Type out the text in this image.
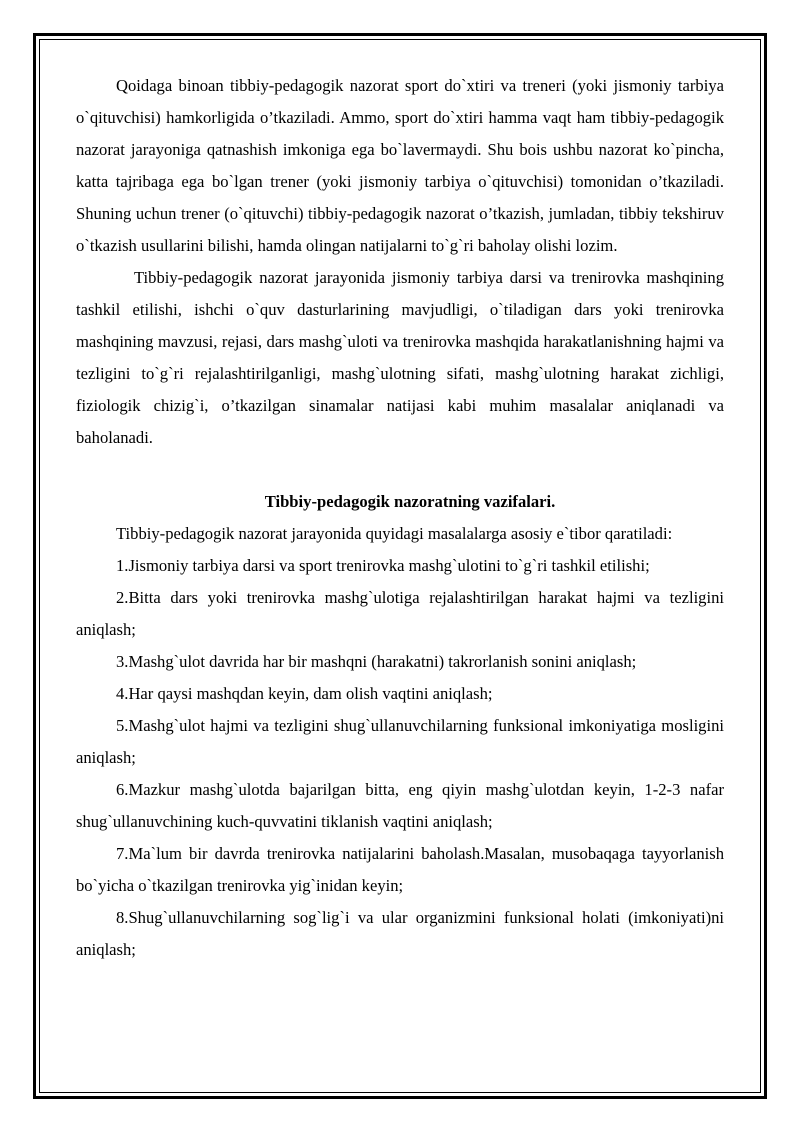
Qoidaga binoan tibbiy-pedagogik nazorat sport do`xtiri va treneri (yoki jismoniy tarbiya o`qituvchisi) hamkorligida o’tkaziladi. Ammo, sport do`xtiri hamma vaqt ham tibbiy-pedagogik nazorat jarayoniga qatnashish imkoniga ega bo`lavermaydi. Shu bois ushbu nazorat ko`pincha, katta tajribaga ega bo`lgan trener (yoki jismoniy tarbiya o`qituvchisi) tomonidan o’tkaziladi. Shuning uchun trener (o`qituvchi) tibbiy-pedagogik nazorat o’tkazish, jumladan, tibbiy tekshiruv o`tkazish usullarini bilishi, hamda olingan natijalarni to`g`ri baholay olishi lozim.

Tibbiy-pedagogik nazorat jarayonida jismoniy tarbiya darsi va trenirovka mashqining tashkil etilishi, ishchi o`quv dasturlarining mavjudligi, o`tiladigan dars yoki trenirovka mashqining mavzusi, rejasi, dars mashg`uloti va trenirovka mashqida harakatlanishning hajmi va tezligini to`g`ri rejalashtirilganligi, mashg`ulotning sifati, mashg`ulotning harakat zichligi, fiziologik chizig`i, o’tkazilgan sinamalar natijasi kabi muhim masalalar aniqlanadi va baholanadi.

Tibbiy-pedagogik nazoratning vazifalari.

Tibbiy-pedagogik nazorat jarayonida quyidagi masalalarga asosiy e`tibor qaratiladi:

1.Jismoniy tarbiya darsi va sport trenirovka mashg`ulotini to`g`ri tashkil etilishi;

2.Bitta dars yoki trenirovka mashg`ulotiga rejalashtirilgan harakat hajmi va tezligini aniqlash;

3.Mashg`ulot davrida har bir mashqni (harakatni) takrorlanish sonini aniqlash;

4.Har qaysi mashqdan keyin, dam olish vaqtini aniqlash;

5.Mashg`ulot hajmi va tezligini shug`ullanuvchilarning funksional imkoniyatiga mosligini aniqlash;

6.Mazkur mashg`ulotda bajarilgan bitta, eng qiyin mashg`ulotdan keyin, 1-2-3 nafar shug`ullanuvchining kuch-quvvatini tiklanish vaqtini aniqlash;

7.Ma`lum bir davrda trenirovka natijalarini baholash.Masalan, musobaqaga tayyorlanish bo`yicha o`tkazilgan trenirovka yig`inidan keyin;

8.Shug`ullanuvchilarning sog`lig`i va ular organizmini funksional holati (imkoniyati)ni aniqlash;
